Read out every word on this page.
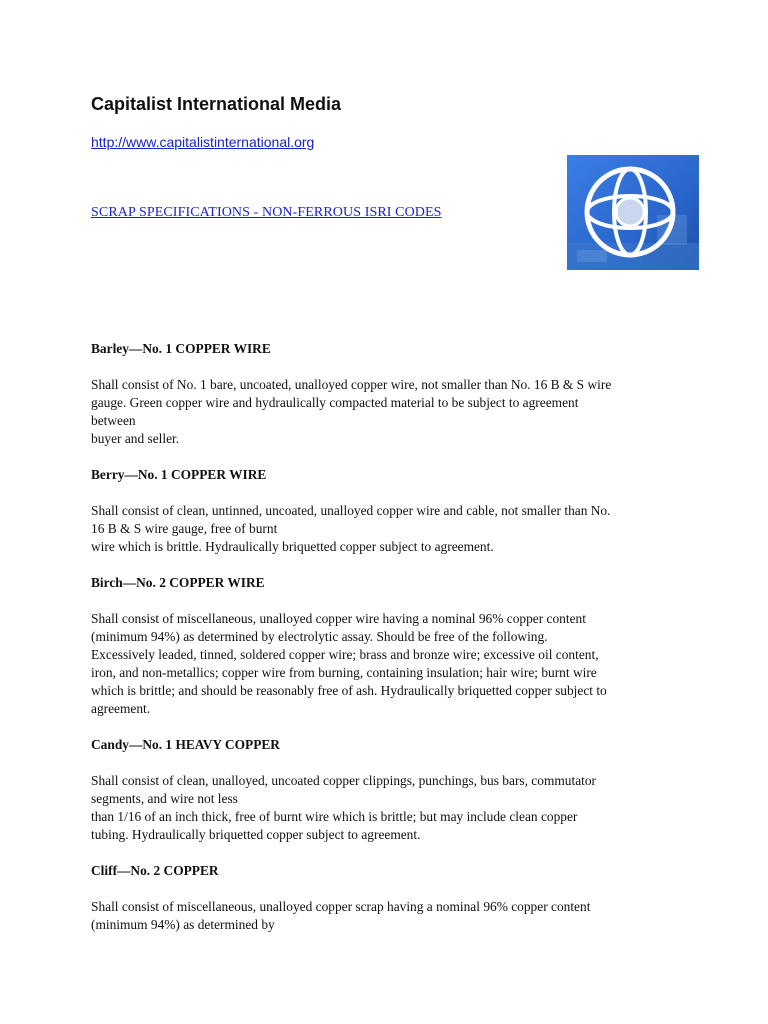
Capitalist International Media
http://www.capitalistinternational.org
SCRAP SPECIFICATIONS - NON-FERROUS ISRI CODES
Barley—No. 1 COPPER WIRE

Shall consist of No. 1 bare, uncoated, unalloyed copper wire, not smaller than No. 16 B & S wire
gauge. Green copper wire and hydraulically compacted material to be subject to agreement
between
buyer and seller.

Berry—No. 1 COPPER WIRE

Shall consist of clean, untinned, uncoated, unalloyed copper wire and cable, not smaller than No.
16 B & S wire gauge, free of burnt
wire which is brittle. Hydraulically briquetted copper subject to agreement.

Birch—No. 2 COPPER WIRE

Shall consist of miscellaneous, unalloyed copper wire having a nominal 96% copper content
(minimum 94%) as determined by electrolytic assay. Should be free of the following.
Excessively leaded, tinned, soldered copper wire; brass and bronze wire; excessive oil content,
iron, and non-metallics; copper wire from burning, containing insulation; hair wire; burnt wire
which is brittle; and should be reasonably free of ash. Hydraulically briquetted copper subject to
agreement.

Candy—No. 1 HEAVY COPPER

Shall consist of clean, unalloyed, uncoated copper clippings, punchings, bus bars, commutator
segments, and wire not less
than 1/16 of an inch thick, free of burnt wire which is brittle; but may include clean copper
tubing. Hydraulically briquetted copper subject to agreement.

Cliff—No. 2 COPPER

Shall consist of miscellaneous, unalloyed copper scrap having a nominal 96% copper content
(minimum 94%) as determined by
